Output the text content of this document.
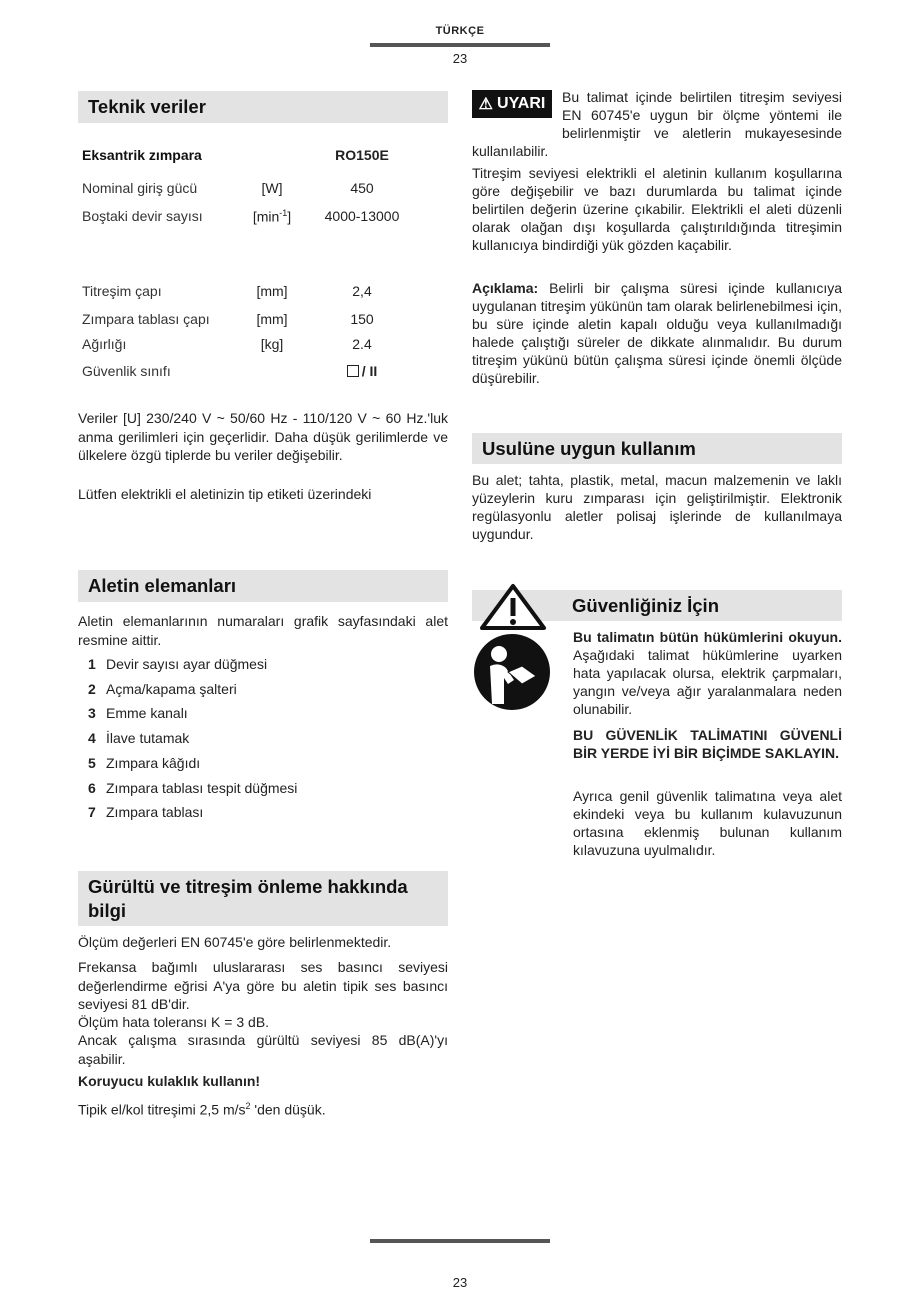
TÜRKÇE
23
Teknik veriler
Eksantrik zımpara	RO150E
Nominal giriş gücü	[W]	450
Boştaki devir sayısı	$[\min^{-1}]$	4000-13000
Titreşim çapı	[mm]	2,4
Zımpara tablası çapı	[mm]	150
Ağırlığı	[kg]	2.4
Güvenlik sınıfı	/ II
Veriler [U] 230/240 V ~ 50/60 Hz - 110/120 V ~ 60 Hz.'luk anma gerilimleri için geçerlidir. Daha düşük gerilimlerde ve ülkelere özgü tiplerde bu veriler değişebilir.
Lütfen elektrikli el aletinizin tip etiketi üzerindeki
Aletin elemanları
Aletin elemanlarının numaraları grafik sayfasındaki alet resmine aittir.
1 Devir sayısı ayar düğmesi
2 Açma/kapama şalteri
3 Emme kanalı
4 İlave tutamak
5 Zımpara kâğıdı
6 Zımpara tablası tespit düğmesi
7 Zımpara tablası
Gürültü ve titreşim önleme hakkında bilgi
Ölçüm değerleri EN 60745'e göre belirlenmektedir.
Frekansa bağımlı uluslararası ses basıncı seviyesi değerlendirme eğrisi A'ya göre bu aletin tipik ses basıncı seviyesi 81 dB'dir.
Ölçüm hata toleransı K = 3 dB.
Ancak çalışma sırasında gürültü seviyesi 85 dB(A)'yı aşabilir.
Koruyucu kulaklık kullanın!
Tipik el/kol titreşimi 2,5 $m/s^2$ 'den düşük.
⚠ UYARI	Bu talimat içinde belirtilen titreşim seviyesi EN 60745'e uygun bir ölçme yöntemi ile belirlenmiştir ve aletlerin mukayesesinde kullanılabilir.
Titreşim seviyesi elektrikli el aletinin kullanım koşullarına göre değişebilir ve bazı durumlarda bu talimat içinde belirtilen değerin üzerine çıkabilir. Elektrikli el aleti düzenli olarak olağan dışı koşullarda çalıştırıldığında titreşimin kullanıcıya bindirdiği yük gözden kaçabilir.
Açıklama: Belirli bir çalışma süresi içinde kullanıcıya uygulanan titreşim yükünün tam olarak belirlenebilmesi için, bu süre içinde aletin kapalı olduğu veya kullanılmadığı halede çalıştığı süreler de dikkate alınmalıdır. Bu durum titreşim yükünü bütün çalışma süresi içinde önemli ölçüde düşürebilir.
Usulüne uygun kullanım
Bu alet; tahta, plastik, metal, macun malzemenin ve laklı yüzeylerin kuru zımparası için geliştirilmiştir. Elektronik regülasyonlu aletler polisaj işlerinde de kullanılmaya uygundur.
Güvenliğiniz İçin
Bu talimatın bütün hükümlerini okuyun. Aşağıdaki talimat hükümlerine uyarken hata yapılacak olursa, elektrik çarpmaları, yangın ve/veya ağır yaralanmalara neden olunabilir.
BU GÜVENLİK TALİMATINI GÜVENLİ BİR YERDE İYİ BİR BİÇİMDE SAKLAYIN.
Ayrıca genil güvenlik talimatına veya alet ekindeki veya bu kullanım kulavuzunun ortasına eklenmiş bulunan kullanım kılavuzuna uyulmalıdır.
23
